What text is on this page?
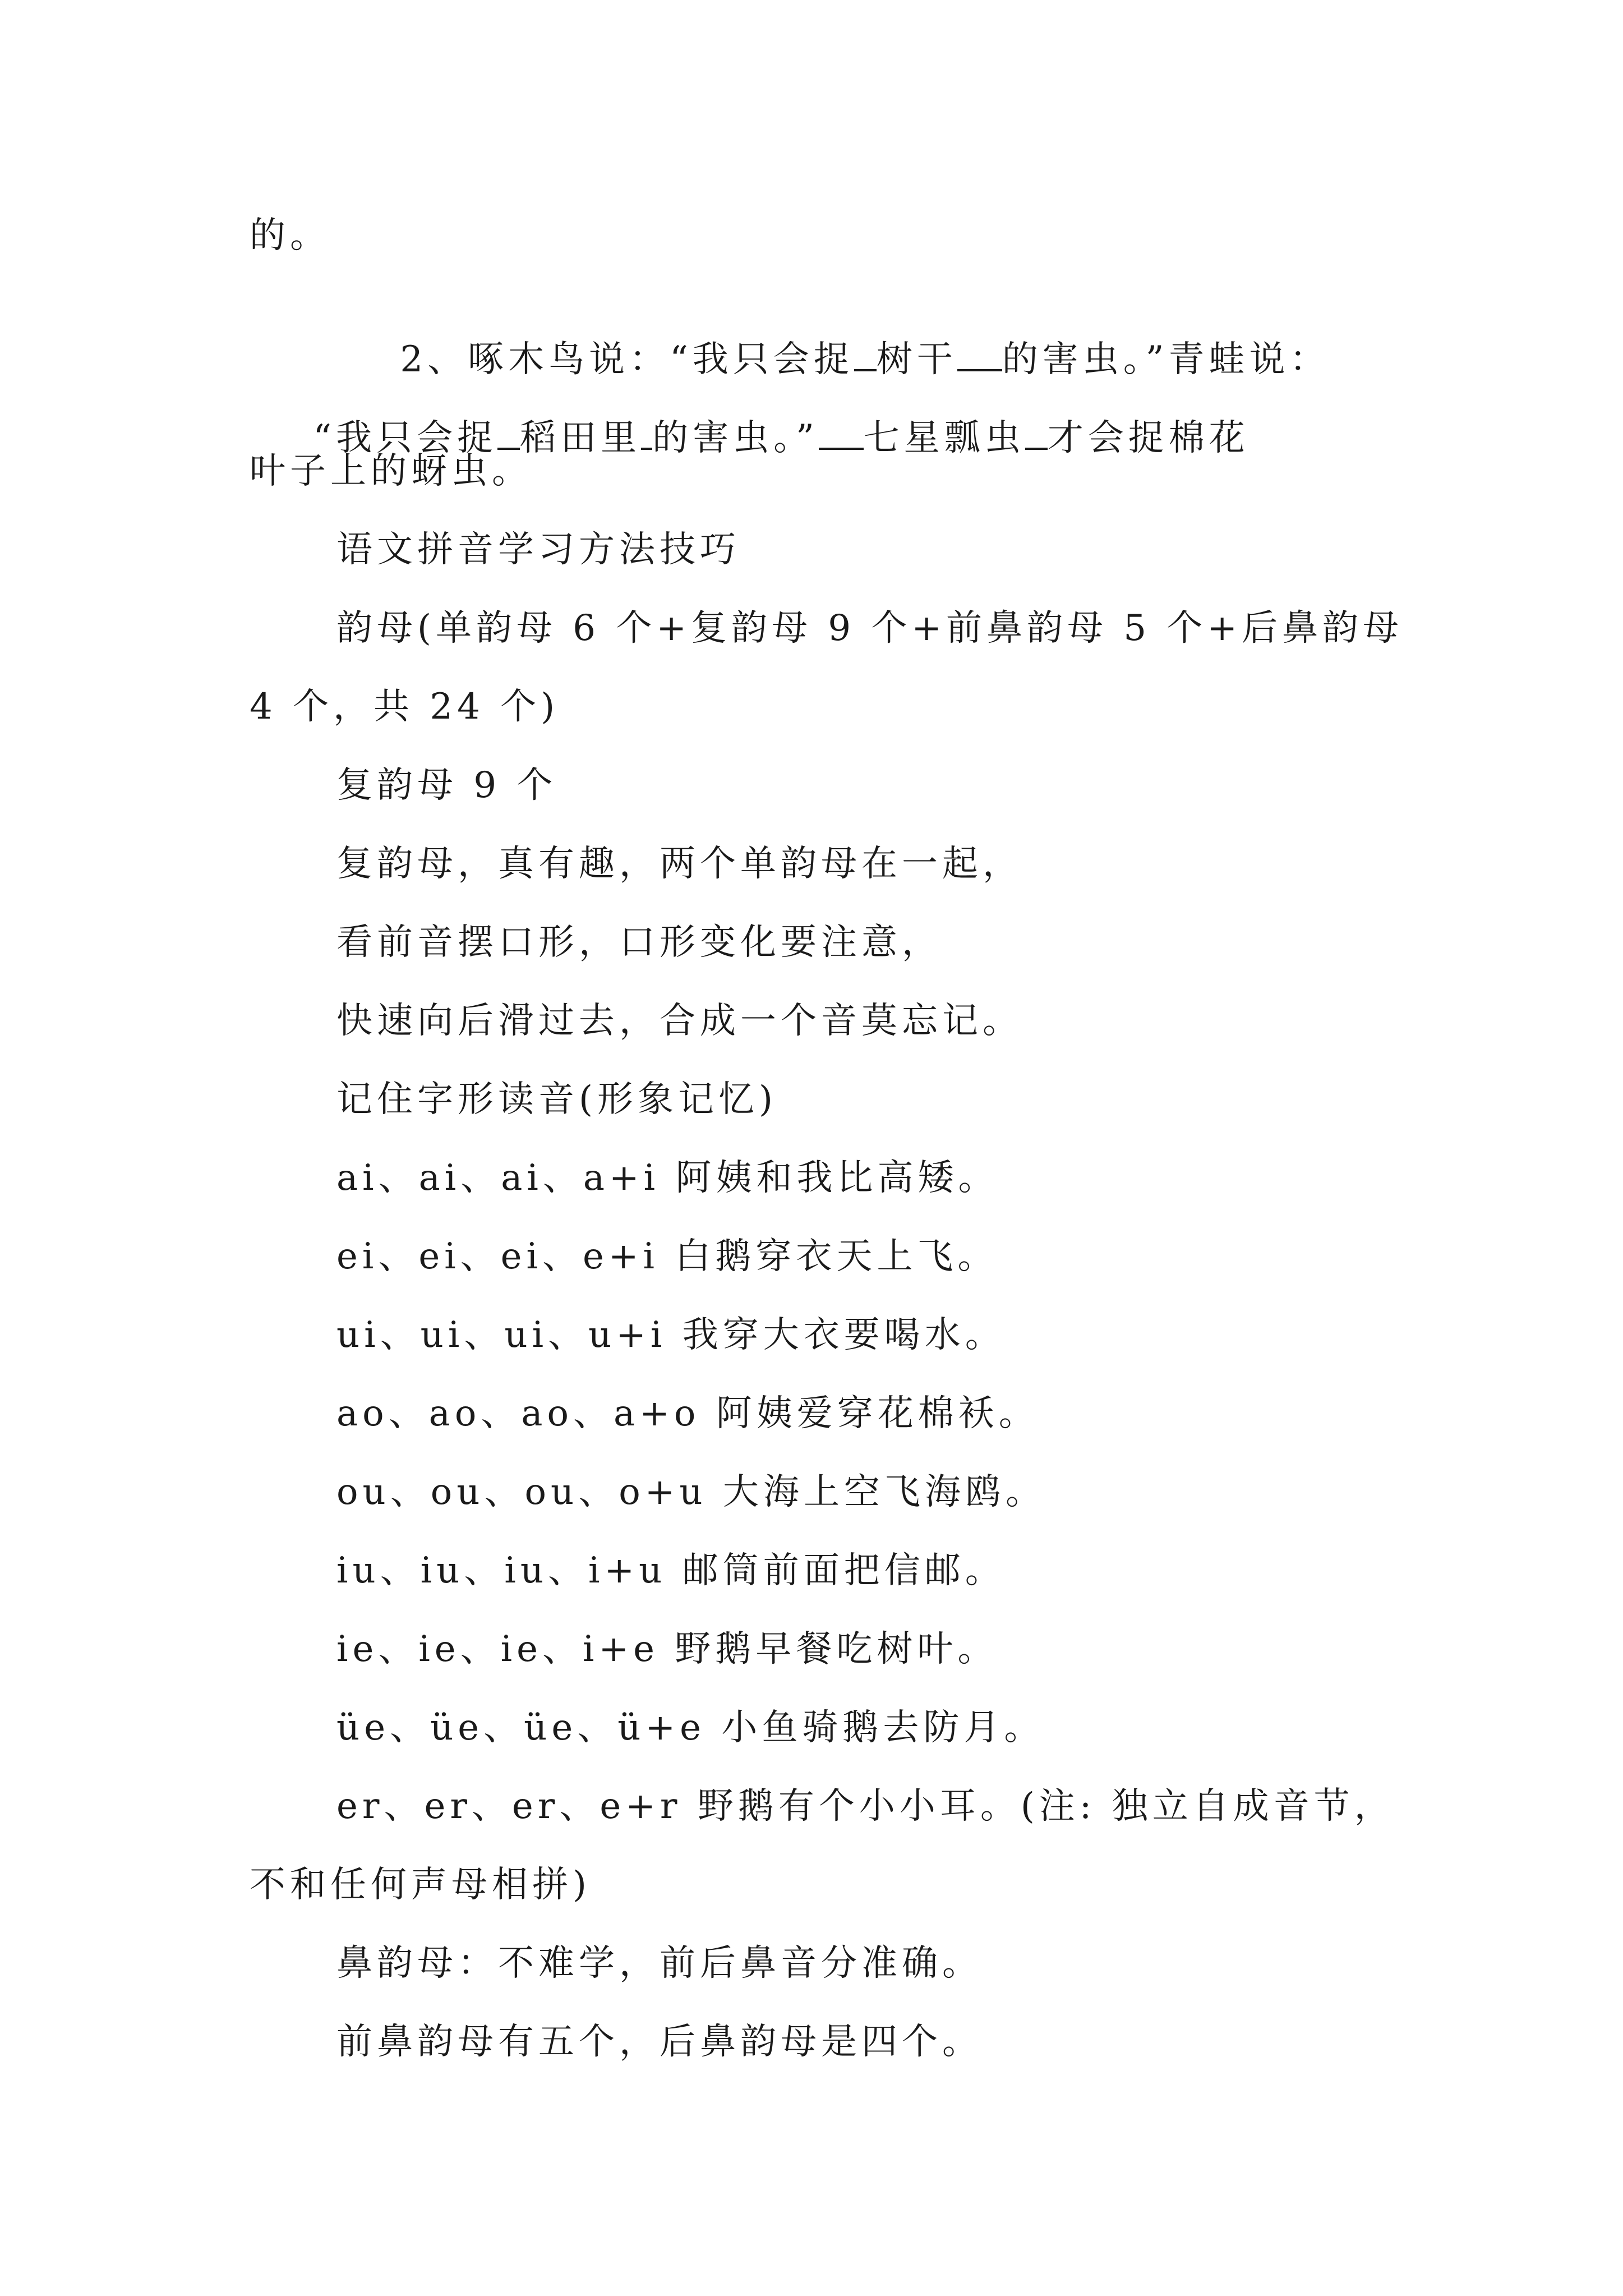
的。

2、啄木鸟说：“我只会捉 树干 的害虫。”青蛙说：

“我只会捉 稻田里 的害虫。” 七星瓢虫 才会捉棉花

叶子上的蚜虫。
语文拼音学习方法技巧
韵母(单韵母 6 个+复韵母 9 个+前鼻韵母 5 个+后鼻韵母
4 个，共 24 个)
复韵母 9 个
复韵母，真有趣，两个单韵母在一起，
看前音摆口形，口形变化要注意，
快速向后滑过去，合成一个音莫忘记。
记住字形读音(形象记忆)
ai、ai、ai、a+i 阿姨和我比高矮。
ei、ei、ei、e+i 白鹅穿衣天上飞。
ui、ui、ui、u+i 我穿大衣要喝水。
ao、ao、ao、a+o 阿姨爱穿花棉袄。
ou、ou、ou、o+u 大海上空飞海鸥。
iu、iu、iu、i+u 邮筒前面把信邮。
ie、ie、ie、i+e 野鹅早餐吃树叶。
üe、üe、üe、ü+e 小鱼骑鹅去防月。
er、er、er、e+r 野鹅有个小小耳。(注: 独立自成音节，
不和任何声母相拼)
鼻韵母：不难学，前后鼻音分准确。
前鼻韵母有五个，后鼻韵母是四个。
